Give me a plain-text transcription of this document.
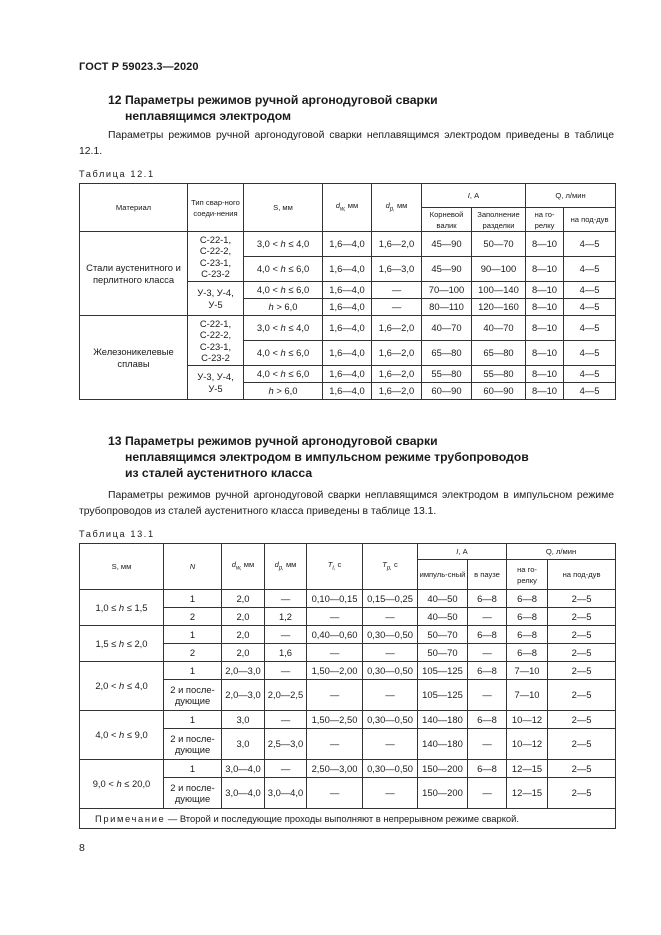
ГОСТ Р 59023.3—2020
12 Параметры режимов ручной аргонодуговой сварки
неплавящимся электродом
Параметры режимов ручной аргонодуговой сварки неплавящимся электродом приведены в таблице 12.1.
Таблица 12.1
Материал	Тип свар-ного соеди-нения	S, мм	$d_{w,}$ мм	$d_{p,}$ мм	I, А		Q, л/мин	
					Корневой валик	Заполнение разделки	на го-релку	на под-дув
Стали аустенитного и перлитного класса	С-22-1, С-22-2, С-23-1, С-23-2	3,0 < h ≤ 4,0	1,6—4,0	1,6—2,0	45—90	50—70	8—10	4—5
		4,0 < h ≤ 6,0	1,6—4,0	1,6—3,0	45—90	90—100	8—10	4—5
	У-3, У-4, У-5	4,0 < h ≤ 6,0	1,6—4,0	—	70—100	100—140	8—10	4—5
		h > 6,0	1,6—4,0	—	80—110	120—160	8—10	4—5
Железоникелевые сплавы	С-22-1, С-22-2, С-23-1, С-23-2	3,0 < h ≤ 4,0	1,6—4,0	1,6—2,0	40—70	40—70	8—10	4—5
		4,0 < h ≤ 6,0	1,6—4,0	1,6—2,0	65—80	65—80	8—10	4—5
	У-3, У-4, У-5	4,0 < h ≤ 6,0	1,6—4,0	1,6—2,0	55—80	55—80	8—10	4—5
		h > 6,0	1,6—4,0	1,6—2,0	60—90	60—90	8—10	4—5
13 Параметры режимов ручной аргонодуговой сварки
неплавящимся электродом в импульсном режиме трубопроводов
из сталей аустенитного класса
Параметры режимов ручной аргонодуговой сварки неплавящимся электродом в импульсном режиме трубопроводов из сталей аустенитного класса приведены в таблице 13.1.
Таблица 13.1
S, мм	N	$d_{w,}$ мм	$d_{p,}$ мм	$T_{i,}$ с	$T_{p,}$ с	I, А		Q, л/мин	
						импуль-сный	в паузе	на го-релку	на под-дув
1,0 ≤ h ≤ 1,5	1	2,0	—	0,10—0,15	0,15—0,25	40—50	6—8	6—8	2—5
	2	2,0	1,2	—	—	40—50	—	6—8	2—5
1,5 ≤ h ≤ 2,0	1	2,0	—	0,40—0,60	0,30—0,50	50—70	6—8	6—8	2—5
	2	2,0	1,6	—	—	50—70	—	6—8	2—5
2,0 < h ≤ 4,0	1	2,0—3,0	—	1,50—2,00	0,30—0,50	105—125	6—8	7—10	2—5
	2 и после-дующие	2,0—3,0	2,0—2,5	—	—	105—125	—	7—10	2—5
4,0 < h ≤ 9,0	1	3,0	—	1,50—2,50	0,30—0,50	140—180	6—8	10—12	2—5
	2 и после-дующие	3,0	2,5—3,0	—	—	140—180	—	10—12	2—5
9,0 < h ≤ 20,0	1	3,0—4,0	—	2,50—3,00	0,30—0,50	150—200	6—8	12—15	2—5
	2 и после-дующие	3,0—4,0	3,0—4,0	—	—	150—200	—	12—15	2—5
Примечание — Второй и последующие проходы выполняют в непрерывном режиме сваркой.									
8
